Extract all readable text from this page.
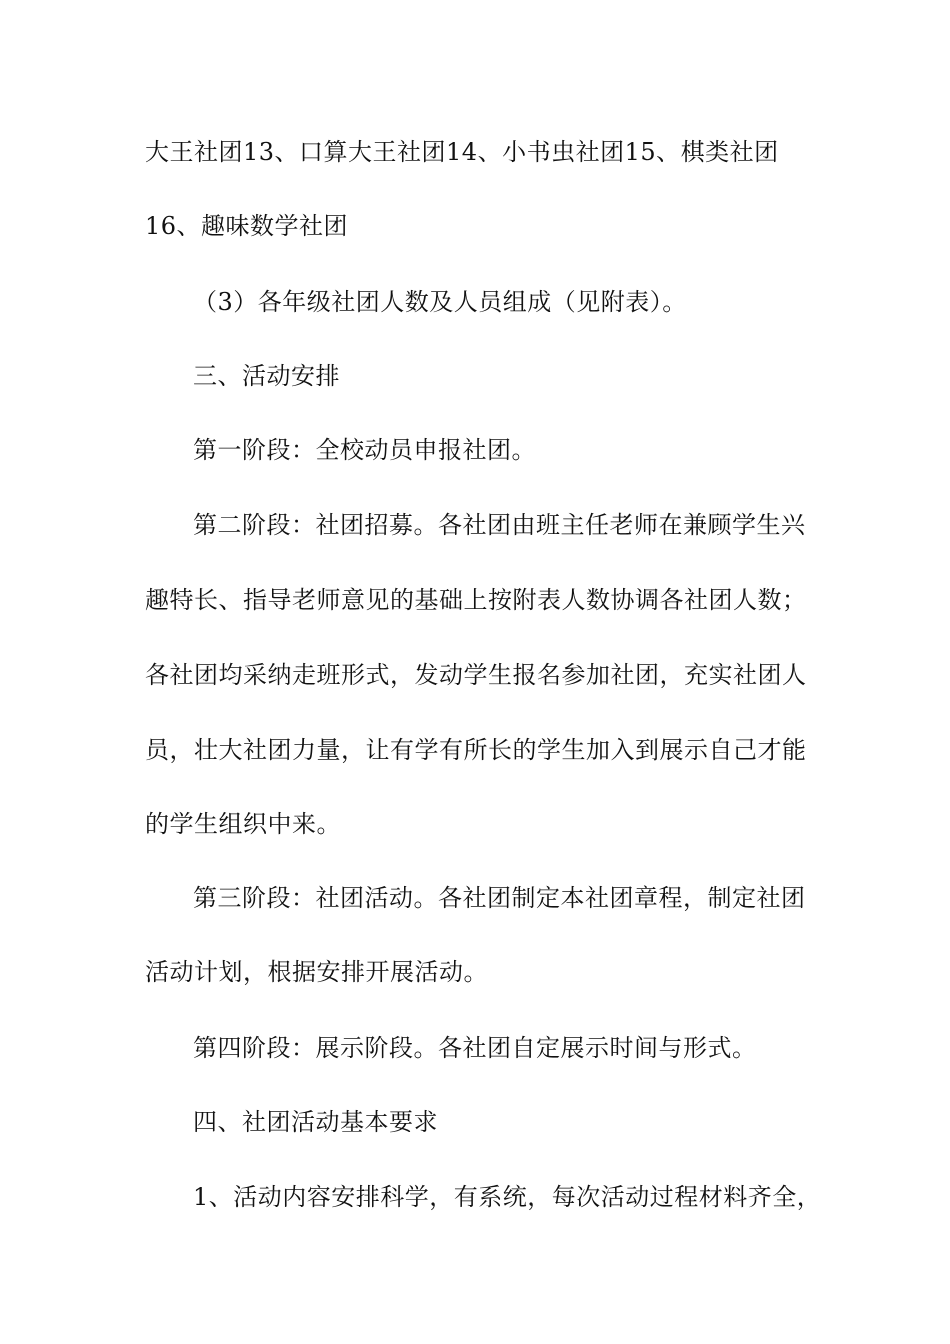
大王社团13、口算大王社团14、小书虫社团15、棋类社团
16、趣味数学社团
（3）各年级社团人数及人员组成（见附表）。
三、活动安排
第一阶段：全校动员申报社团。
第二阶段：社团招募。各社团由班主任老师在兼顾学生兴
趣特长、指导老师意见的基础上按附表人数协调各社团人数；
各社团均采纳走班形式，发动学生报名参加社团，充实社团人
员，壮大社团力量，让有学有所长的学生加入到展示自己才能
的学生组织中来。
第三阶段：社团活动。各社团制定本社团章程，制定社团
活动计划，根据安排开展活动。
第四阶段：展示阶段。各社团自定展示时间与形式。
四、社团活动基本要求
1、活动内容安排科学，有系统，每次活动过程材料齐全，
